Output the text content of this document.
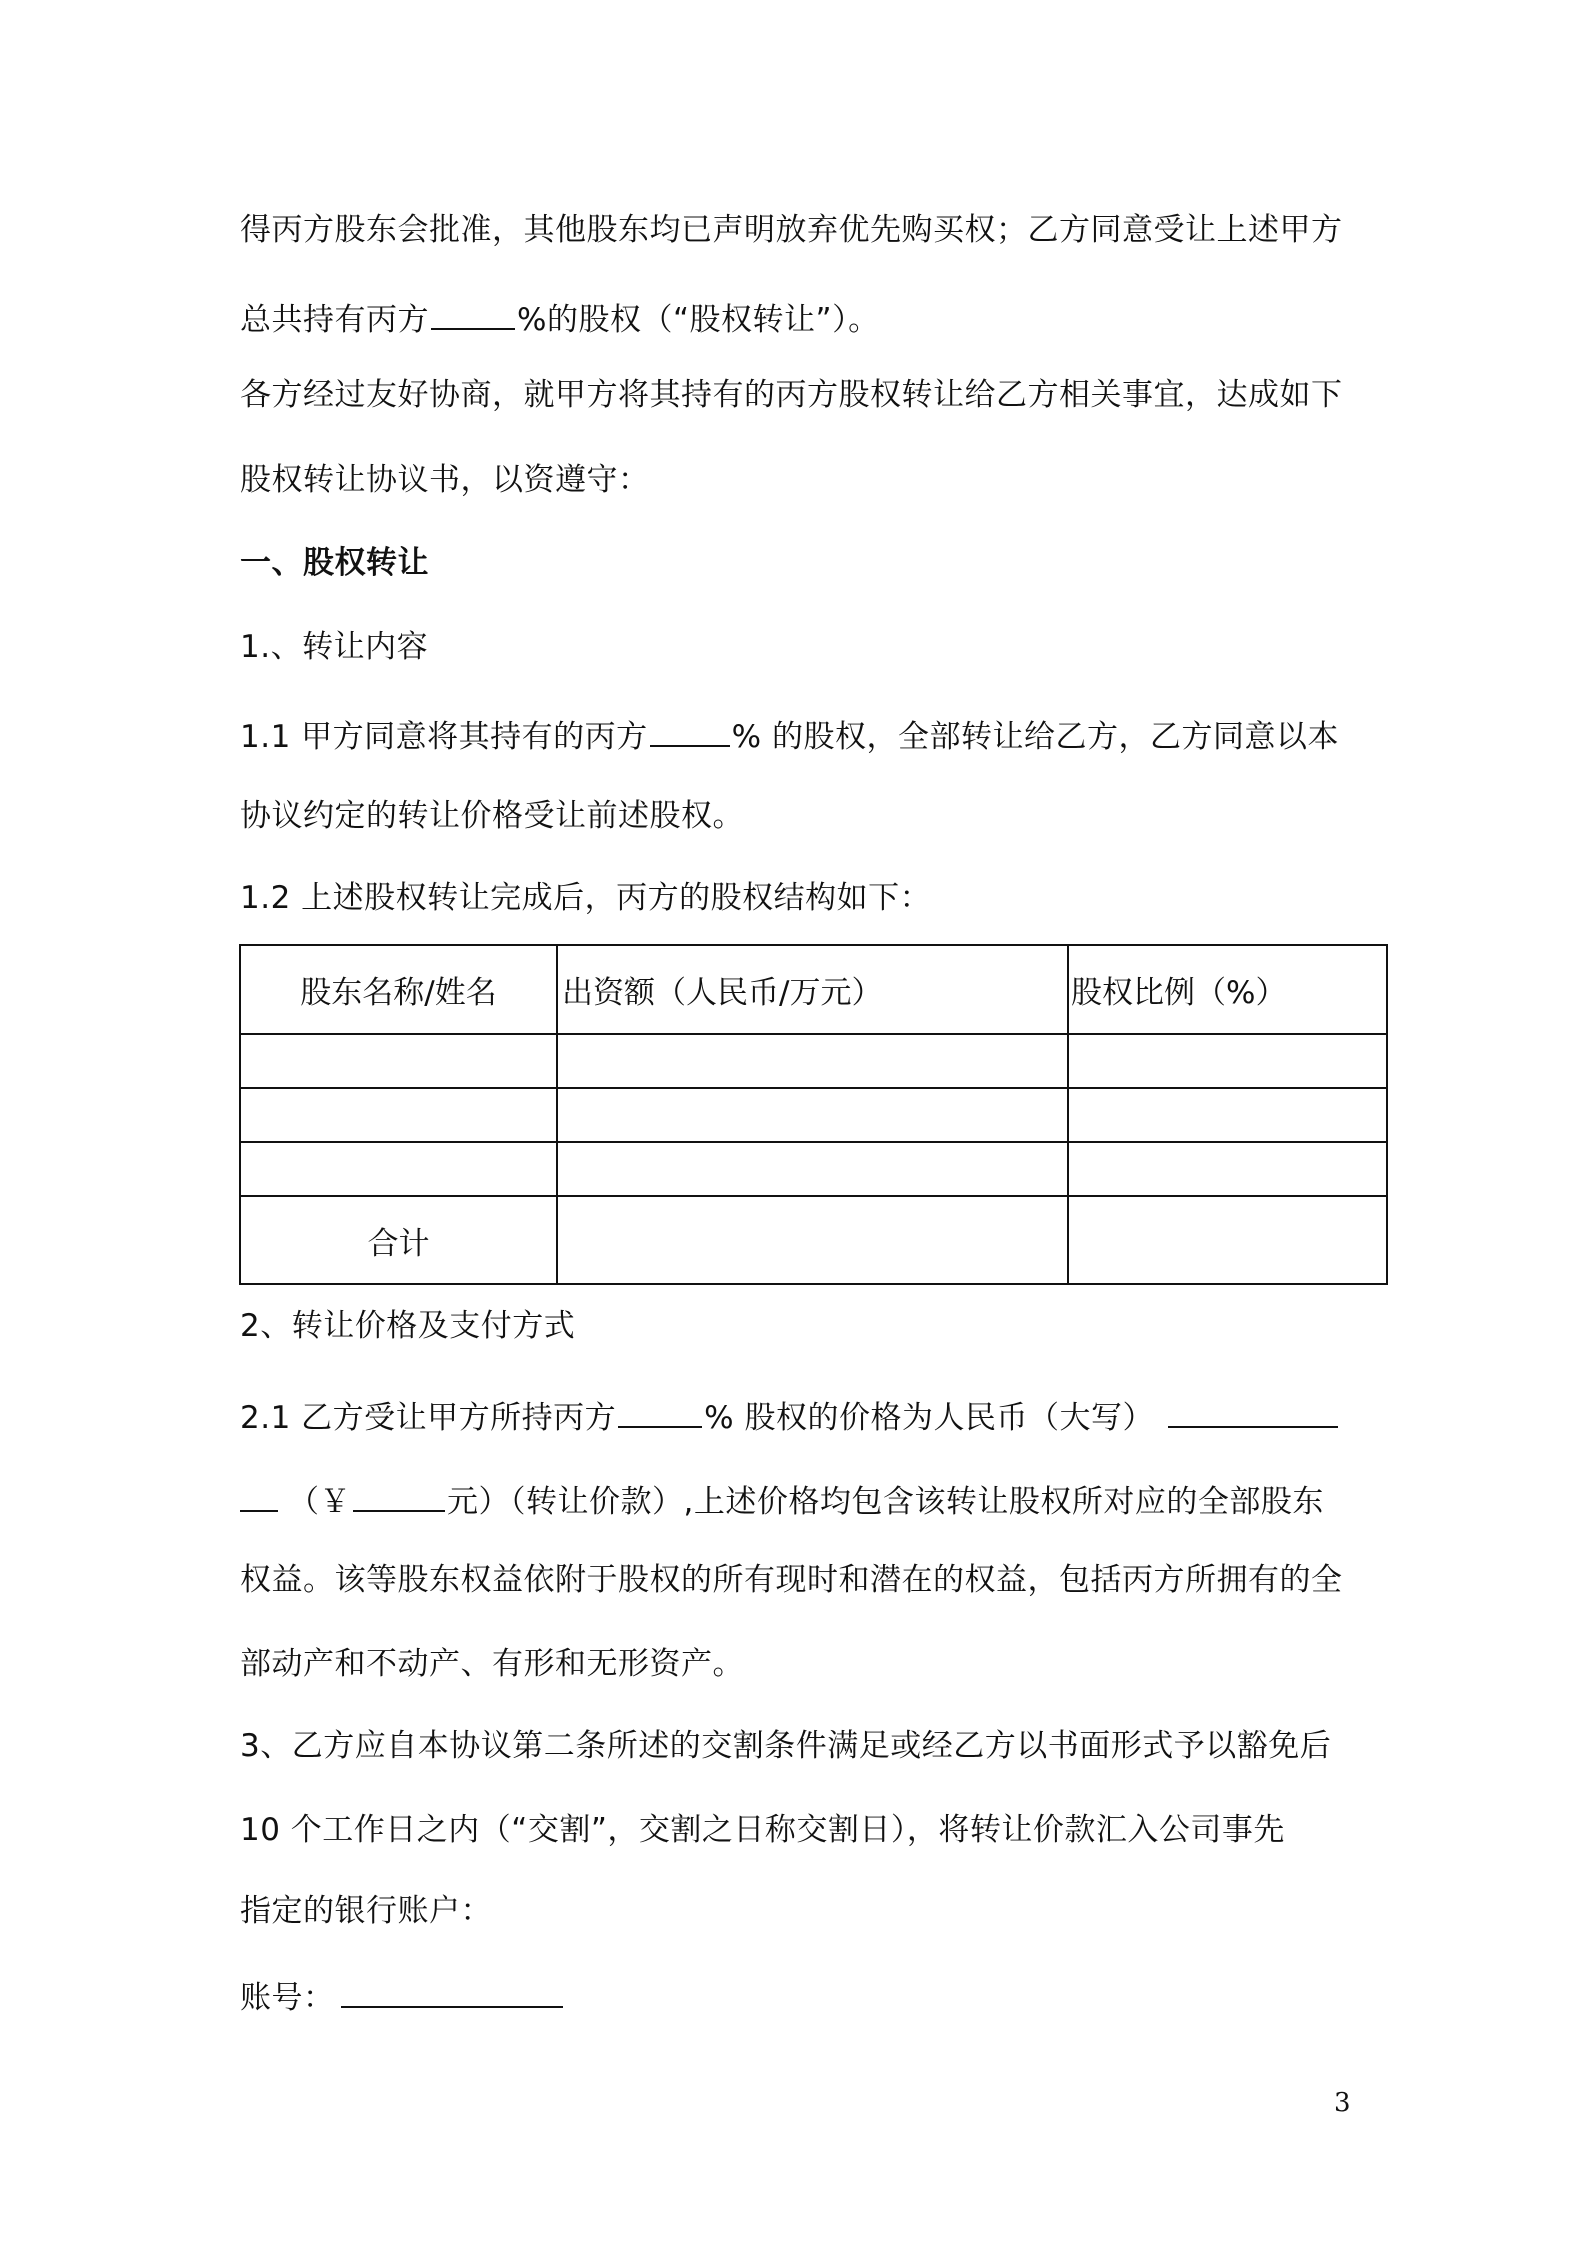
得丙方股东会批准，其他股东均已声明放弃优先购买权；乙方同意受让上述甲方
总共持有丙方	%的股权（“股权转让”）。
各方经过友好协商，就甲方将其持有的丙方股权转让给乙方相关事宜，达成如下
股权转让协议书，以资遵守：
一、股权转让
1.、转让内容
1.1 甲方同意将其持有的丙方	% 的股权，全部转让给乙方，乙方同意以本
协议约定的转让价格受让前述股权。
1.2 上述股权转让完成后，丙方的股权结构如下：
股东名称/姓名	出资额（人民币/万元）	股权比例（%）

合计		
2、转让价格及支付方式
2.1 乙方受让甲方所持丙方	% 股权的价格为人民币（大写）
（￥	元）（转让价款）,上述价格均包含该转让股权所对应的全部股东
权益。该等股东权益依附于股权的所有现时和潜在的权益，包括丙方所拥有的全
部动产和不动产、有形和无形资产。
3、乙方应自本协议第二条所述的交割条件满足或经乙方以书面形式予以豁免后
10 个工作日之内（“交割”，交割之日称交割日），将转让价款汇入公司事先
指定的银行账户：
账号：
3
